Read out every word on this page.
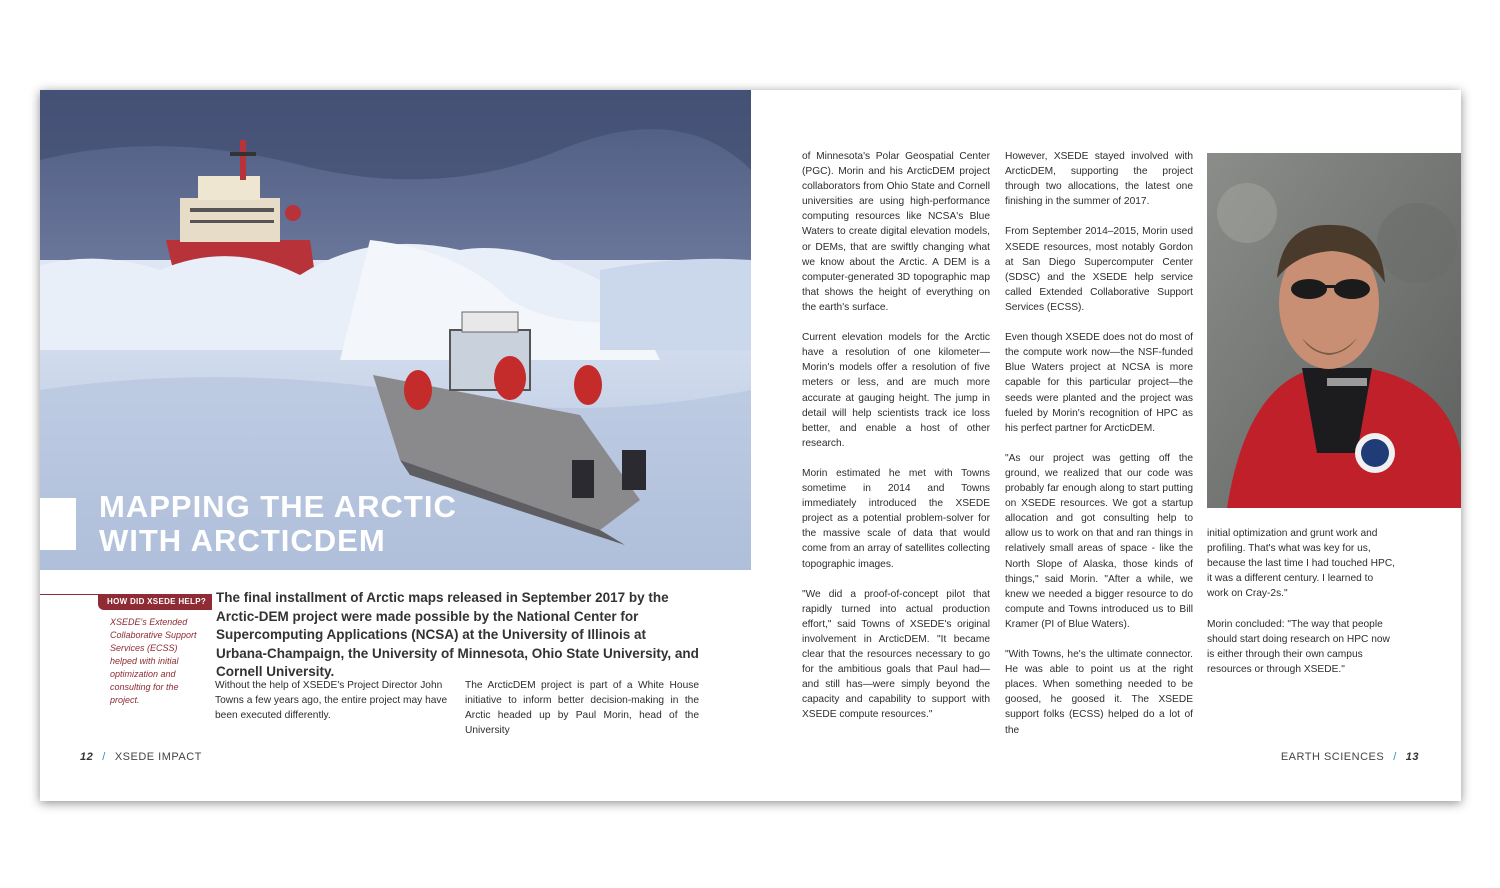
MAPPING THE ARCTIC
WITH ARCTICDEM
HOW DID XSEDE HELP?

XSEDE's Extended Collaborative Support Services (ECSS) helped with initial optimization and consulting for the project.

The final installment of Arctic maps released in September 2017 by the Arctic-DEM project were made possible by the National Center for Supercomputing Applications (NCSA) at the University of Illinois at Urbana-Champaign, the University of Minnesota, Ohio State University, and Cornell University.

Without the help of XSEDE's Project Director John Towns a few years ago, the entire project may have been executed differently.

The ArcticDEM project is part of a White House initiative to inform better decision-making in the Arctic headed up by Paul Morin, head of the University

of Minnesota's Polar Geospatial Center (PGC). Morin and his ArcticDEM project collaborators from Ohio State and Cornell universities are using high-performance computing resources like NCSA's Blue Waters to create digital elevation models, or DEMs, that are swiftly changing what we know about the Arctic. A DEM is a computer-generated 3D topographic map that shows the height of everything on the earth's surface.

Current elevation models for the Arctic have a resolution of one kilometer—Morin's models offer a resolution of five meters or less, and are much more accurate at gauging height. The jump in detail will help scientists track ice loss better, and enable a host of other research.

Morin estimated he met with Towns sometime in 2014 and Towns immediately introduced the XSEDE project as a potential problem-solver for the massive scale of data that would come from an array of satellites collecting topographic images.

"We did a proof-of-concept pilot that rapidly turned into actual production effort," said Towns of XSEDE's original involvement in ArcticDEM. "It became clear that the resources necessary to go for the ambitious goals that Paul had—and still has—were simply beyond the capacity and capability to support with XSEDE compute resources."

However, XSEDE stayed involved with ArcticDEM, supporting the project through two allocations, the latest one finishing in the summer of 2017.

From September 2014–2015, Morin used XSEDE resources, most notably Gordon at San Diego Supercomputer Center (SDSC) and the XSEDE help service called Extended Collaborative Support Services (ECSS).

Even though XSEDE does not do most of the compute work now—the NSF-funded Blue Waters project at NCSA is more capable for this particular project—the seeds were planted and the project was fueled by Morin's recognition of HPC as his perfect partner for ArcticDEM.

"As our project was getting off the ground, we realized that our code was probably far enough along to start putting on XSEDE resources. We got a startup allocation and got consulting help to allow us to work on that and ran things in relatively small areas of space - like the North Slope of Alaska, those kinds of things," said Morin. "After a while, we knew we needed a bigger resource to do compute and Towns introduced us to Bill Kramer (PI of Blue Waters).

"With Towns, he's the ultimate connector. He was able to point us at the right places. When something needed to be goosed, he goosed it. The XSEDE support folks (ECSS) helped do a lot of the

initial optimization and grunt work and profiling. That's what was key for us, because the last time I had touched HPC, it was a different century. I learned to work on Cray-2s."

Morin concluded: "The way that people should start doing research on HPC now is either through their own campus resources or through XSEDE."

12 / XSEDE IMPACT	EARTH SCIENCES / 13
